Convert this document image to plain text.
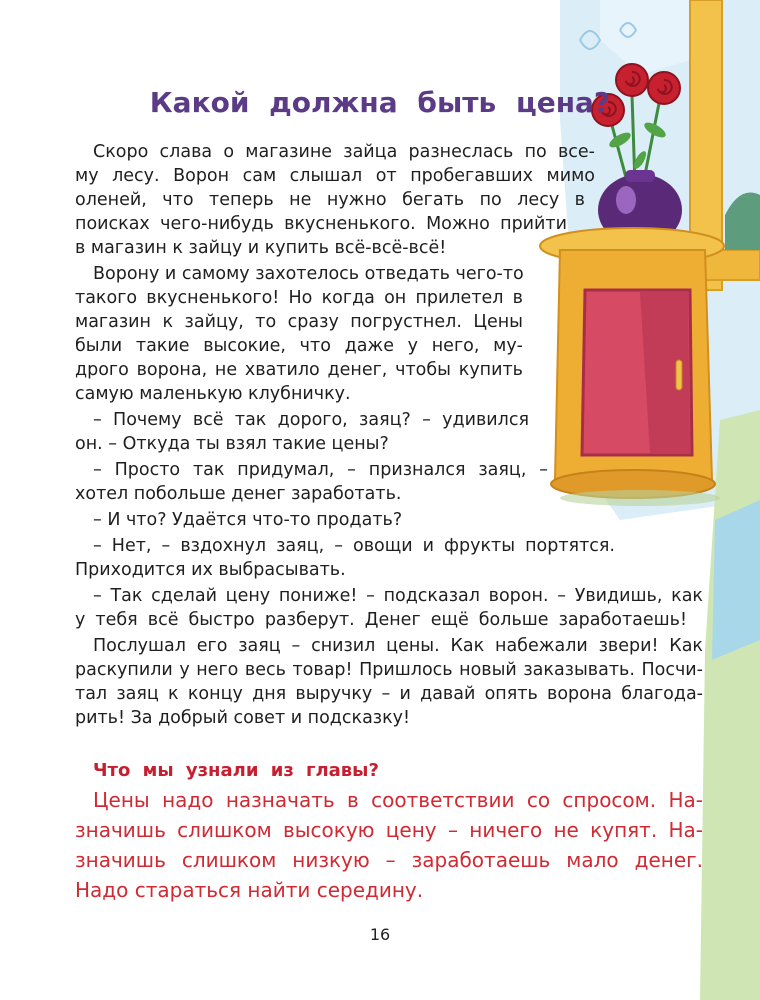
Какой должна быть цена?

Скоро слава о магазине зайца разнеслась по все-

му лесу. Ворон сам слышал от пробегавших мимо

оленей, что теперь не нужно бегать по лесу в

поисках чего-нибудь вкусненького. Можно прийти

в магазин к зайцу и купить всё-всё-всё!

Ворону и самому захотелось отведать чего-то

такого вкусненького! Но когда он прилетел в

магазин к зайцу, то сразу погрустнел. Цены

были такие высокие, что даже у него, му-

дрого ворона, не хватило денег, чтобы купить

самую маленькую клубничку.

– Почему всё так дорого, заяц? – удивился

он. – Откуда ты взял такие цены?

– Просто так придумал, – признался заяц, –

хотел побольше денег заработать.

– И что? Удаётся что-то продать?

– Нет, – вздохнул заяц, – овощи и фрукты портятся.

Приходится их выбрасывать.

– Так сделай цену пониже! – подсказал ворон. – Увидишь, как

у тебя всё быстро разберут. Денег ещё больше заработаешь!

Послушал его заяц – снизил цены. Как набежали звери! Как

раскупили у него весь товар! Пришлось новый заказывать. Посчи-

тал заяц к концу дня выручку – и давай опять ворона благода-

рить! За добрый совет и подсказку!

Что мы узнали из главы?

Цены надо назначать в соответствии со спросом. На-

значишь слишком высокую цену – ничего не купят. На-

значишь слишком низкую – заработаешь мало денег.

Надо стараться найти середину.

16
